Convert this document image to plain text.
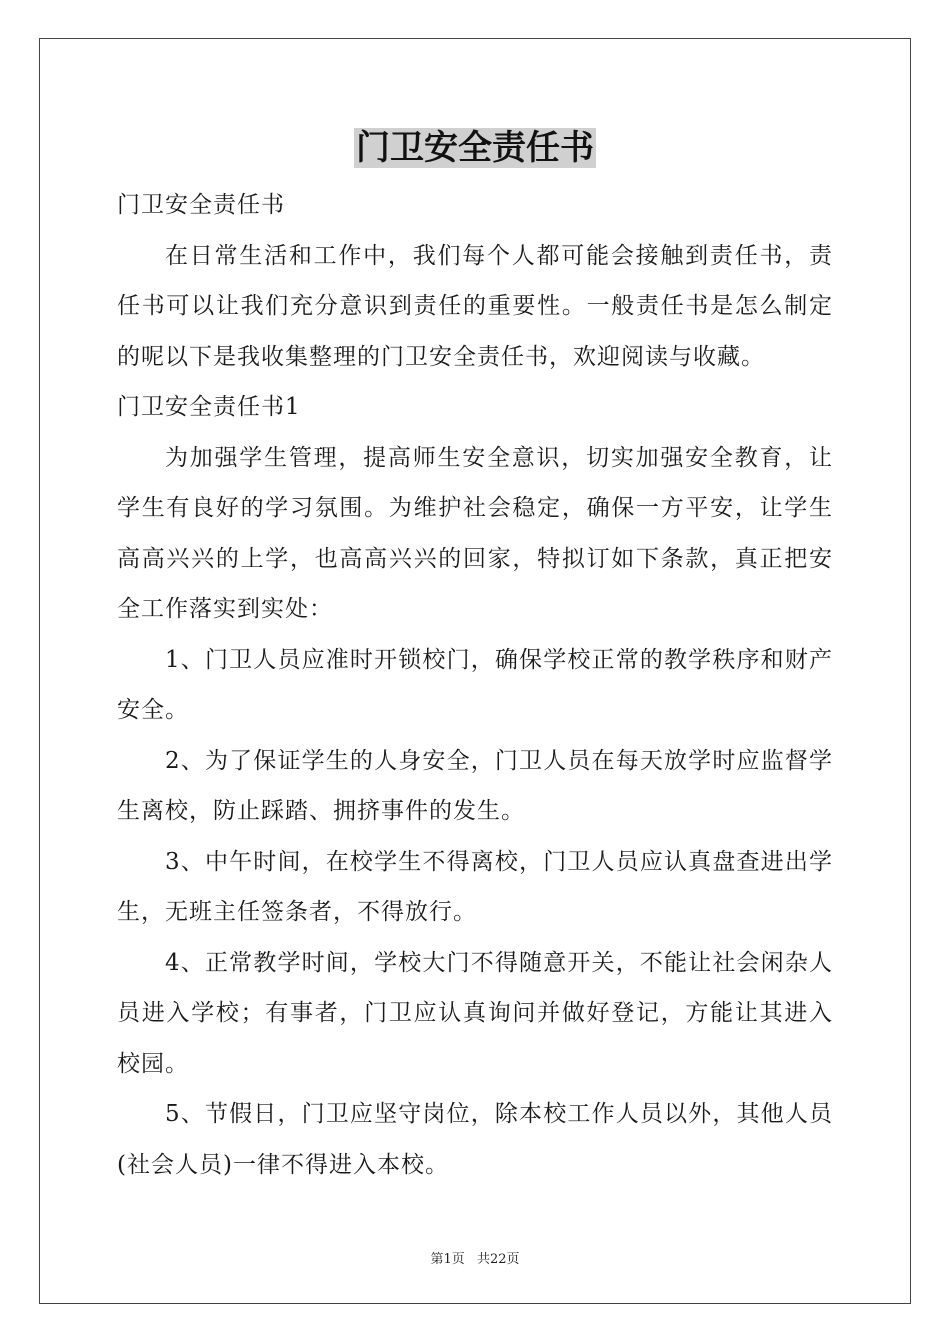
门卫安全责任书

门卫安全责任书

在日常生活和工作中，我们每个人都可能会接触到责任书，责任书可以让我们充分意识到责任的重要性。一般责任书是怎么制定的呢以下是我收集整理的门卫安全责任书，欢迎阅读与收藏。

门卫安全责任书1

为加强学生管理，提高师生安全意识，切实加强安全教育，让学生有良好的学习氛围。为维护社会稳定，确保一方平安，让学生高高兴兴的上学，也高高兴兴的回家，特拟订如下条款，真正把安全工作落实到实处：

1、门卫人员应准时开锁校门，确保学校正常的教学秩序和财产安全。

2、为了保证学生的人身安全，门卫人员在每天放学时应监督学生离校，防止踩踏、拥挤事件的发生。

3、中午时间，在校学生不得离校，门卫人员应认真盘查进出学生，无班主任签条者，不得放行。

4、正常教学时间，学校大门不得随意开关，不能让社会闲杂人员进入学校；有事者，门卫应认真询问并做好登记，方能让其进入校园。

5、节假日，门卫应坚守岗位，除本校工作人员以外，其他人员(社会人员)一律不得进入本校。

第1页 共22页
